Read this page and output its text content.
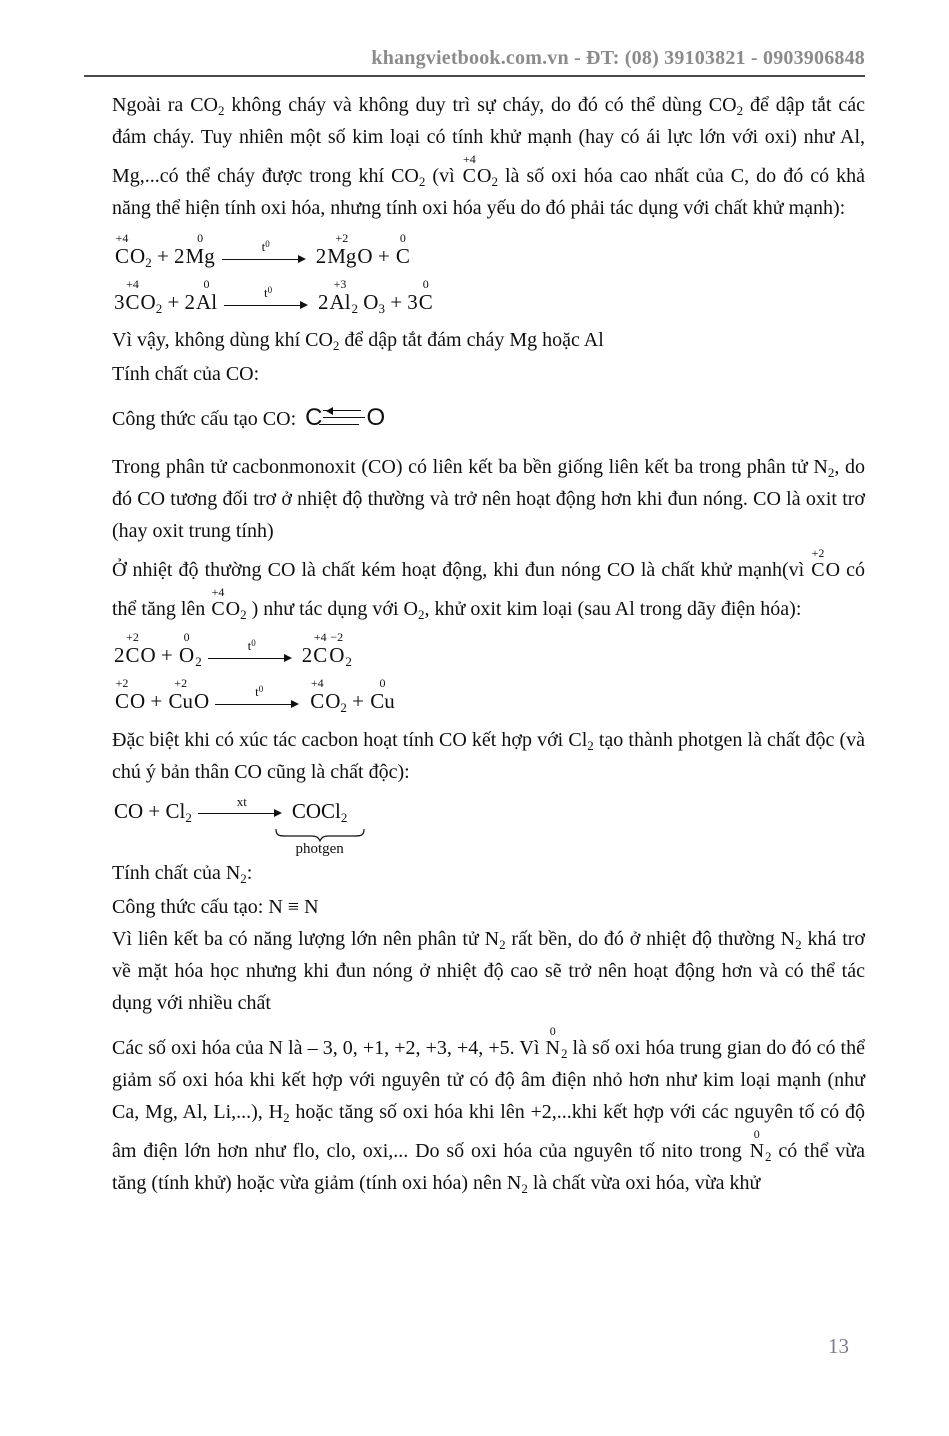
khangvietbook.com.vn - ĐT: (08) 39103821 - 0903906848

Ngoài ra $CO_2$ không cháy và không duy trì sự cháy, do đó có thể dùng $CO_2$ để dập tắt các đám cháy. Tuy nhiên một số kim loại có tính khử mạnh (hay có ái lực lớn với oxi) như Al, Mg,...có thể cháy được trong khí $CO_2$ (vì
+4
C $O_2$ là số oxi hóa cao nhất của C, do đó có khả năng thể hiện tính oxi hóa, nhưng tính oxi hóa yếu do đó phải tác dụng với chất khử mạnh):

+4
C $O_2 + 2$
0
Mg	$t^0$	2
+2
Mg O +
0
C
3
+4
C $O_2 + 2$
0
Al	$t^0$	2
+3
Al $_2$ $O_3 + 3$
0
C

Vì vậy, không dùng khí $CO_2$ để dập tắt đám cháy Mg hoặc Al

Tính chất của CO:

Công thức cấu tạo CO: C O

Trong phân tử cacbonmonoxit (CO) có liên kết ba bền giống liên kết ba trong phân tử $N_2$, do đó CO tương đối trơ ở nhiệt độ thường và trở nên hoạt động hơn khi đun nóng. CO là oxit trơ (hay oxit trung tính)

Ở nhiệt độ thường CO là chất kém hoạt động, khi đun nóng CO là chất khử mạnh(vì
+2
C O có thể tăng lên
+4
C $O_2$ ) như tác dụng với $O_2$, khử oxit kim loại (sau Al trong dãy điện hóa):

2
+2
C O +
0
O $_2$
$t^0$	2
+4
C
−2
O $_2$
+2
C O +
+2
Cu O	$t^0$	+4
C $O_2$ +
0
Cu

Đặc biệt khi có xúc tác cacbon hoạt tính CO kết hợp với $Cl_2$ tạo thành photgen là chất độc (và chú ý bản thân CO cũng là chất độc):

CO + $Cl_2$
xt	COCl$_2$
photgen

Tính chất của $N_2$:

Công thức cấu tạo: N ≡ N

Vì liên kết ba có năng lượng lớn nên phân tử $N_2$ rất bền, do đó ở nhiệt độ thường $N_2$ khá trơ về mặt hóa học nhưng khi đun nóng ở nhiệt độ cao sẽ trở nên hoạt động hơn và có thể tác dụng với nhiều chất

Các số oxi hóa của N là – 3, 0, +1, +2, +3, +4, +5. Vì
0
N $_2$ là số oxi hóa trung gian do đó có thể giảm số oxi hóa khi kết hợp với nguyên tử có độ âm điện nhỏ hơn như kim loại mạnh (như Ca, Mg, Al, Li,...), $H_2$ hoặc tăng số oxi hóa khi lên +2,...khi kết hợp với các nguyên tố có độ âm điện lớn hơn như flo, clo, oxi,... Do số oxi hóa của nguyên tố nito trong
0
N $_2$ có thể vừa tăng (tính khử) hoặc vừa giảm (tính oxi hóa) nên $N_2$ là chất vừa oxi hóa, vừa khử

13
